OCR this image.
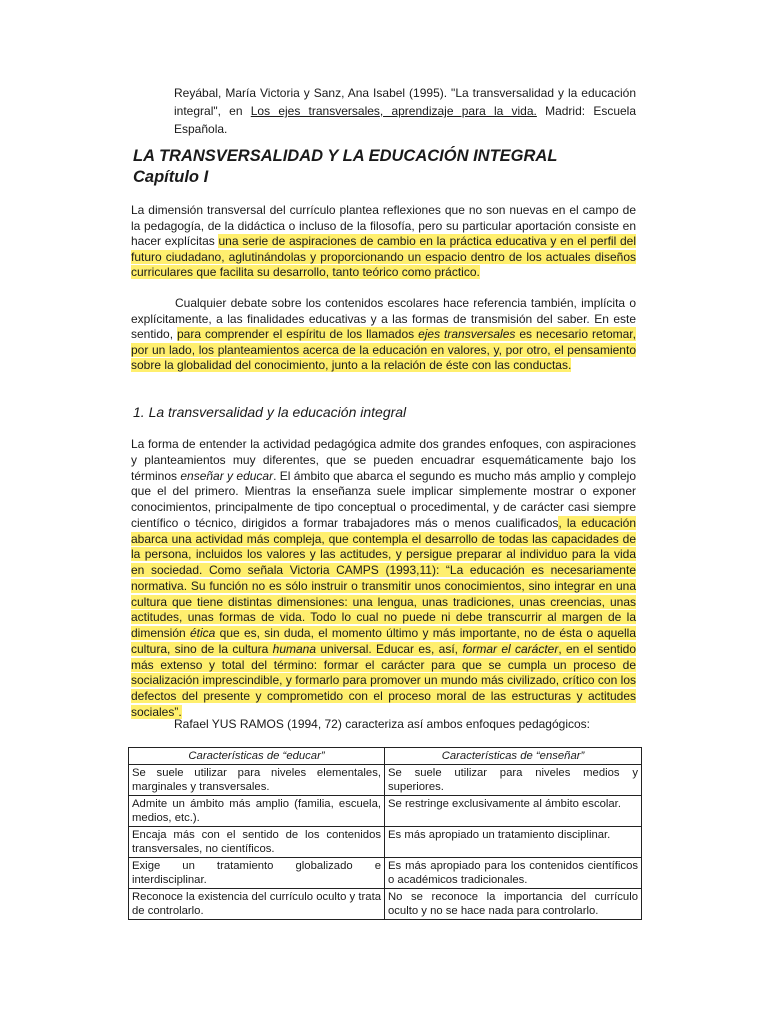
Reyábal, María Victoria y Sanz, Ana Isabel (1995). "La transversalidad y la educación integral", en Los ejes transversales, aprendizaje para la vida. Madrid: Escuela Española.

LA TRANSVERSALIDAD Y LA EDUCACIÓN INTEGRAL
Capítulo I

La dimensión transversal del currículo plantea reflexiones que no son nuevas en el campo de la pedagogía, de la didáctica o incluso de la filosofía, pero su particular aportación consiste en hacer explícitas una serie de aspiraciones de cambio en la práctica educativa y en el perfil del futuro ciudadano, aglutinándolas y proporcionando un espacio dentro de los actuales diseños curriculares que facilita su desarrollo, tanto teórico como práctico.

Cualquier debate sobre los contenidos escolares hace referencia también, implícita o explícitamente, a las finalidades educativas y a las formas de transmisión del saber. En este sentido, para comprender el espíritu de los llamados ejes transversales es necesario retomar, por un lado, los planteamientos acerca de la educación en valores, y, por otro, el pensamiento sobre la globalidad del conocimiento, junto a la relación de éste con las conductas.

1. La transversalidad y la educación integral

La forma de entender la actividad pedagógica admite dos grandes enfoques, con aspiraciones y planteamientos muy diferentes, que se pueden encuadrar esquemáticamente bajo los términos enseñar y educar. El ámbito que abarca el segundo es mucho más amplio y complejo que el del primero. Mientras la enseñanza suele implicar simplemente mostrar o exponer conocimientos, principalmente de tipo conceptual o procedimental, y de carácter casi siempre científico o técnico, dirigidos a formar trabajadores más o menos cualificados, la educación abarca una actividad más compleja, que contempla el desarrollo de todas las capacidades de la persona, incluidos los valores y las actitudes, y persigue preparar al individuo para la vida en sociedad. Como señala Victoria CAMPS (1993,11): “La educación es necesariamente normativa. Su función no es sólo instruir o transmitir unos conocimientos, sino integrar en una cultura que tiene distintas dimensiones: una lengua, unas tradiciones, unas creencias, unas actitudes, unas formas de vida. Todo lo cual no puede ni debe transcurrir al margen de la dimensión ética que es, sin duda, el momento último y más importante, no de ésta o aquella cultura, sino de la cultura humana universal. Educar es, así, formar el carácter, en el sentido más extenso y total del término: formar el carácter para que se cumpla un proceso de socialización imprescindible, y formarlo para promover un mundo más civilizado, crítico con los defectos del presente y comprometido con el proceso moral de las estructuras y actitudes sociales”.

Rafael YUS RAMOS (1994, 72) caracteriza así ambos enfoques pedagógicos:

Características de “educar”	Características de “enseñar”
Se suele utilizar para niveles elementales, marginales y transversales.	Se suele utilizar para niveles medios y superiores.
Admite un ámbito más amplio (familia, escuela, medios, etc.).	Se restringe exclusivamente al ámbito escolar.
Encaja más con el sentido de los contenidos transversales, no científicos.	Es más apropiado un tratamiento disciplinar.
Exige un tratamiento globalizado e interdisciplinar.	Es más apropiado para los contenidos científicos o académicos tradicionales.
Reconoce la existencia del currículo oculto y trata de controlarlo.	No se reconoce la importancia del currículo oculto y no se hace nada para controlarlo.
